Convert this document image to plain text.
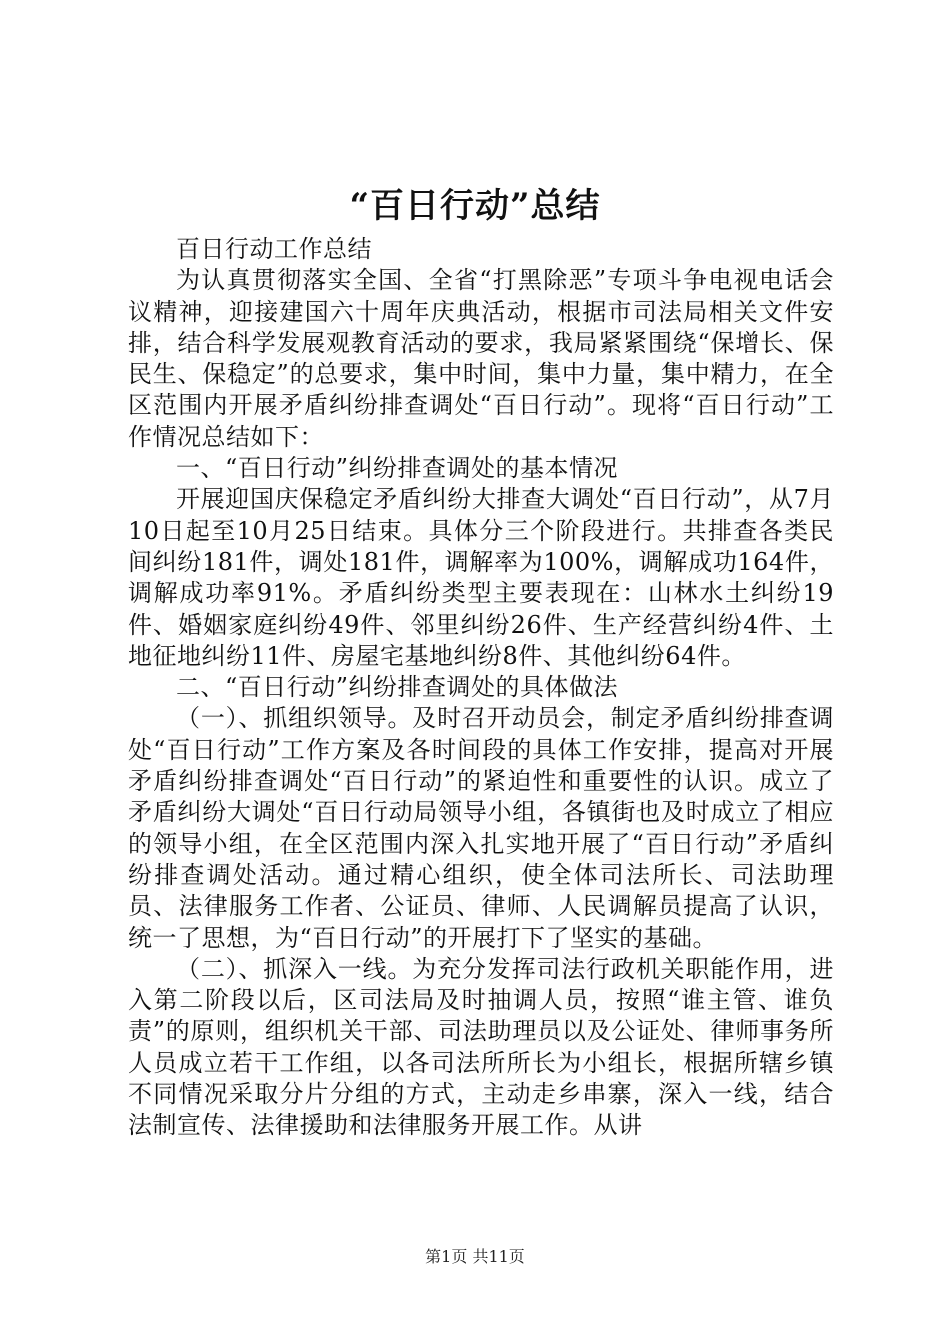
“百日行动”总结

百日行动工作总结

为认真贯彻落实全国、全省“打黑除恶”专项斗争电视电话会议精神，迎接建国六十周年庆典活动，根据市司法局相关文件安排，结合科学发展观教育活动的要求，我局紧紧围绕“保增长、保民生、保稳定”的总要求，集中时间，集中力量，集中精力，在全区范围内开展矛盾纠纷排查调处“百日行动”。现将“百日行动”工作情况总结如下：

一、“百日行动”纠纷排查调处的基本情况

开展迎国庆保稳定矛盾纠纷大排查大调处“百日行动”，从7月10日起至10月25日结束。具体分三个阶段进行。共排查各类民间纠纷181件，调处181件，调解率为100%，调解成功164件，调解成功率91%。矛盾纠纷类型主要表现在：山林水土纠纷19件、婚姻家庭纠纷49件、邻里纠纷26件、生产经营纠纷4件、土地征地纠纷11件、房屋宅基地纠纷8件、其他纠纷64件。

二、“百日行动”纠纷排查调处的具体做法

（一）、抓组织领导。及时召开动员会，制定矛盾纠纷排查调处“百日行动”工作方案及各时间段的具体工作安排，提高对开展矛盾纠纷排查调处“百日行动”的紧迫性和重要性的认识。成立了矛盾纠纷大调处“百日行动局领导小组，各镇街也及时成立了相应的领导小组，在全区范围内深入扎实地开展了“百日行动”矛盾纠纷排查调处活动。通过精心组织，使全体司法所长、司法助理员、法律服务工作者、公证员、律师、人民调解员提高了认识，统一了思想，为“百日行动”的开展打下了坚实的基础。

（二）、抓深入一线。为充分发挥司法行政机关职能作用，进入第二阶段以后，区司法局及时抽调人员，按照“谁主管、谁负责”的原则，组织机关干部、司法助理员以及公证处、律师事务所人员成立若干工作组，以各司法所所长为小组长，根据所辖乡镇不同情况采取分片分组的方式，主动走乡串寨，深入一线，结合法制宣传、法律援助和法律服务开展工作。从讲

第1页 共11页
